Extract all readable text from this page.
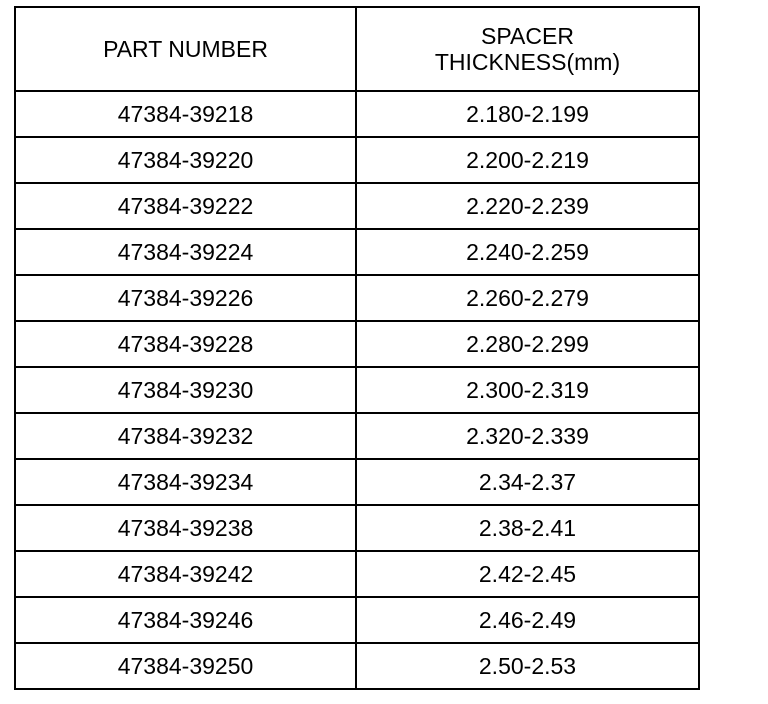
PART NUMBER	SPACER
THICKNESS(mm)

47384-39218	2.180-2.199
47384-39220	2.200-2.219
47384-39222	2.220-2.239
47384-39224	2.240-2.259
47384-39226	2.260-2.279
47384-39228	2.280-2.299
47384-39230	2.300-2.319
47384-39232	2.320-2.339
47384-39234	2.34-2.37
47384-39238	2.38-2.41
47384-39242	2.42-2.45
47384-39246	2.46-2.49
47384-39250	2.50-2.53
